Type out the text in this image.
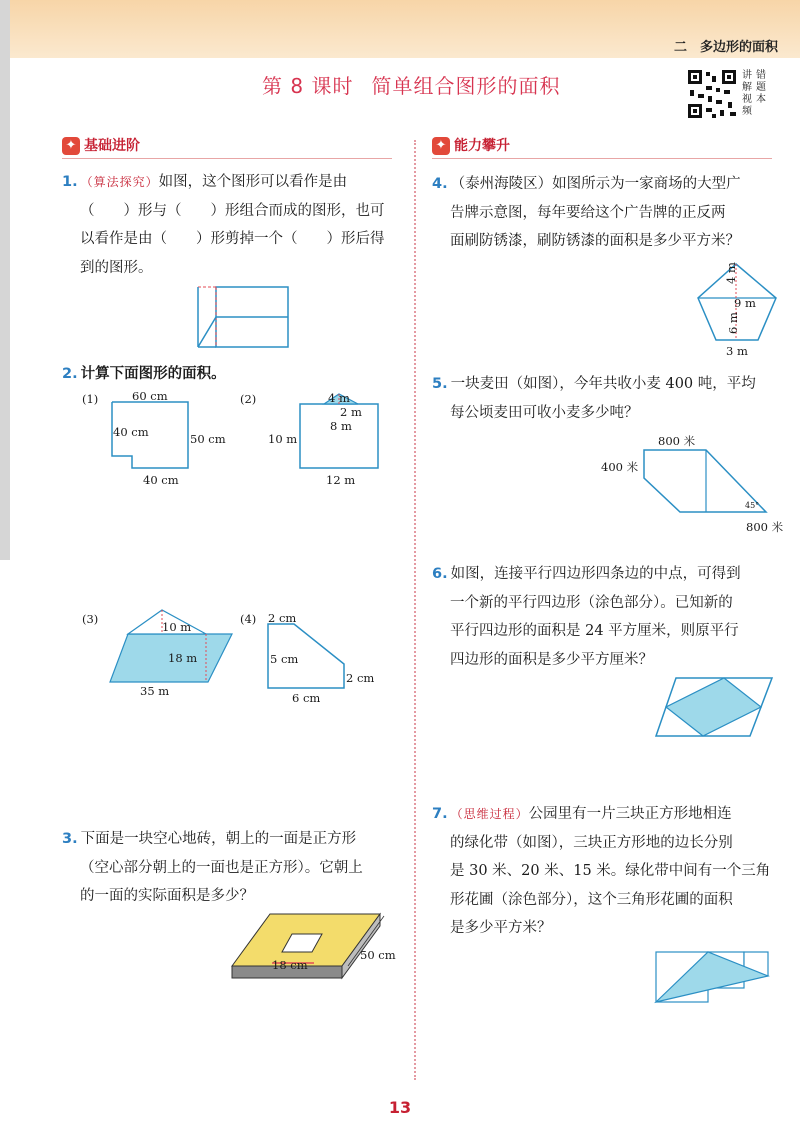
二　多边形的面积
第 8 课时 简单组合图形的面积	讲解视频
错题本
✦ 基础进阶	✦ 能力攀升
1. （算法探究）如图，这个图形可以看作是由
（　　）形与（　　）形组合而成的图形，也可
以看作是由（　　）形剪掉一个（　　）形后得
到的图形。
2. 计算下面图形的面积。
(1)	60 cm
40 cm	50 cm
40 cm
(2)	4 m
2 m
8 m
10 m
12 m
(3)
10 m
18 m
35 m
(4) 2 cm
5 cm
2 cm
6 cm
3. 下面是一块空心地砖，朝上的一面是正方形
（空心部分朝上的一面也是正方形）。它朝上
的一面的实际面积是多少？
18 cm
50 cm
4. （泰州海陵区）如图所示为一家商场的大型广
告牌示意图，每年要给这个广告牌的正反两
面刷防锈漆，刷防锈漆的面积是多少平方米？
4 m
9 m
6 m
3 m
5. 一块麦田（如图），今年共收小麦 400 吨，平均
每公顷麦田可收小麦多少吨？
800 米
400 米
800 米
45°
6. 如图，连接平行四边形四条边的中点，可得到
一个新的平行四边形（涂色部分）。已知新的
平行四边形的面积是 24 平方厘米，则原平行
四边形的面积是多少平方厘米？
7. （思维过程）公园里有一片三块正方形地相连
的绿化带（如图），三块正方形地的边长分别
是 30 米、20 米、15 米。绿化带中间有一个三角
形花圃（涂色部分），这个三角形花圃的面积
是多少平方米？
13
